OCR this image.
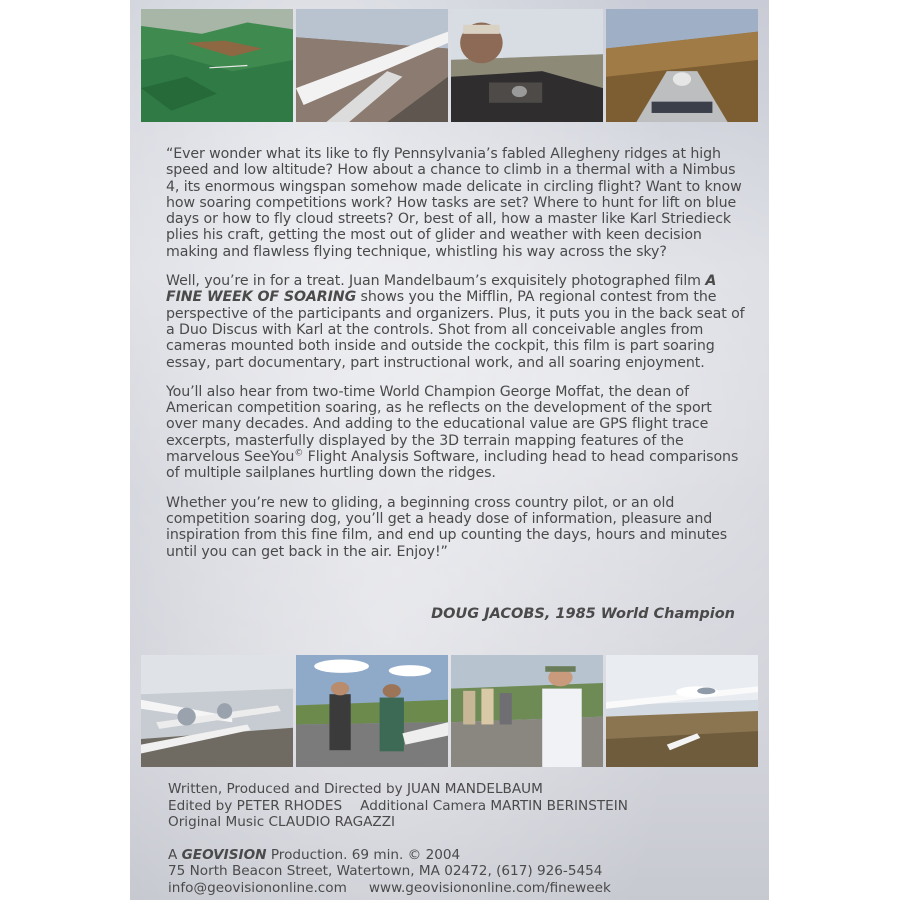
“Ever wonder what its like to fly Pennsylvania’s fabled Allegheny ridges at high speed and low altitude? How about a chance to climb in a thermal with a Nimbus 4, its enormous wingspan somehow made delicate in circling flight? Want to know how soaring competitions work? How tasks are set? Where to hunt for lift on blue days or how to fly cloud streets? Or, best of all, how a master like Karl Striedieck plies his craft, getting the most out of glider and weather with keen decision making and flawless flying technique, whistling his way across the sky?

Well, you’re in for a treat. Juan Mandelbaum’s exquisitely photographed film A FINE WEEK OF SOARING shows you the Mifflin, PA regional contest from the perspective of the participants and organizers. Plus, it puts you in the back seat of a Duo Discus with Karl at the controls. Shot from all conceivable angles from cameras mounted both inside and outside the cockpit, this film is part soaring essay, part documentary, part instructional work, and all soaring enjoyment.

You’ll also hear from two-time World Champion George Moffat, the dean of American competition soaring, as he reflects on the development of the sport over many decades. And adding to the educational value are GPS flight trace excerpts, masterfully displayed by the 3D terrain mapping features of the marvelous SeeYou© Flight Analysis Software, including head to head comparisons of multiple sailplanes hurtling down the ridges.

Whether you’re new to gliding, a beginning cross country pilot, or an old competition soaring dog, you’ll get a heady dose of information, pleasure and inspiration from this fine film, and end up counting the days, hours and minutes until you can get back in the air. Enjoy!”

DOUG JACOBS, 1985 World Champion
Written, Produced and Directed by JUAN MANDELBAUM
Edited by PETER RHODES Additional Camera MARTIN BERINSTEIN
Original Music CLAUDIO RAGAZZI
A GEOVISION Production. 69 min. © 2004
75 North Beacon Street, Watertown, MA 02472, (617) 926-5454
info@geovisiononline.com www.geovisiononline.com/fineweek
